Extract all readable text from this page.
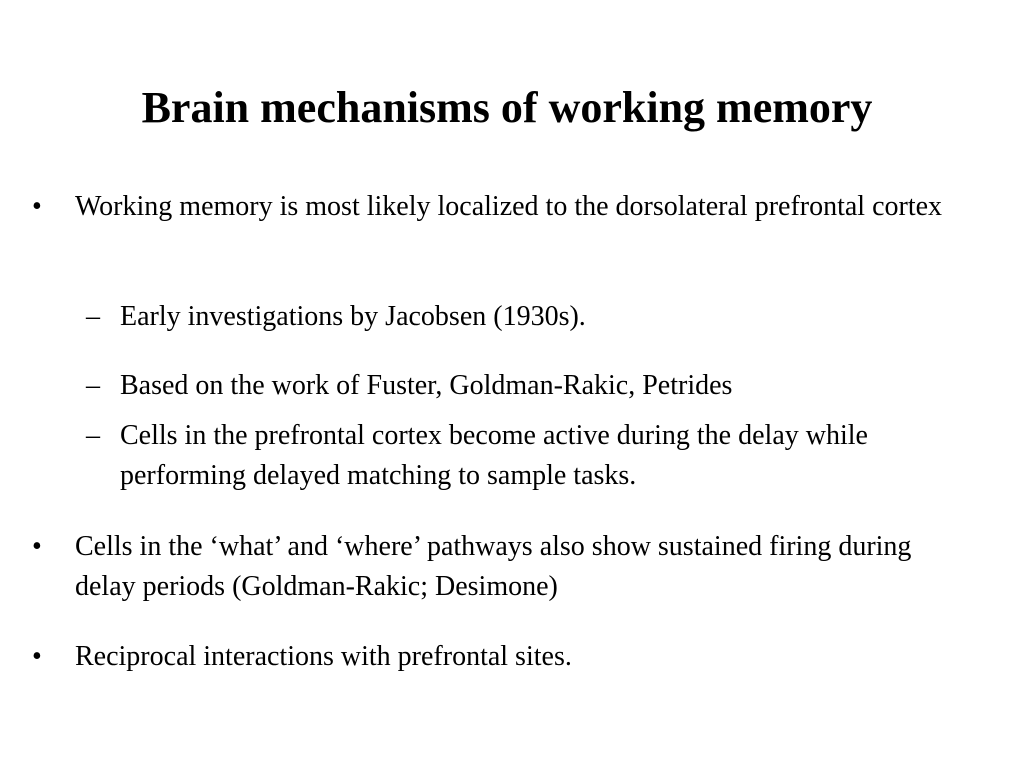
Brain mechanisms of working memory
•	Working memory is most likely localized to the dorsolateral prefrontal cortex
– Early investigations by Jacobsen (1930s).
– Based on the work of Fuster, Goldman-Rakic, Petrides
– Cells in the prefrontal cortex become active during the delay while performing delayed matching to sample tasks.
•	Cells in the ‘what’ and ‘where’ pathways also show sustained firing during delay periods (Goldman-Rakic; Desimone)
•	Reciprocal interactions with prefrontal sites.
